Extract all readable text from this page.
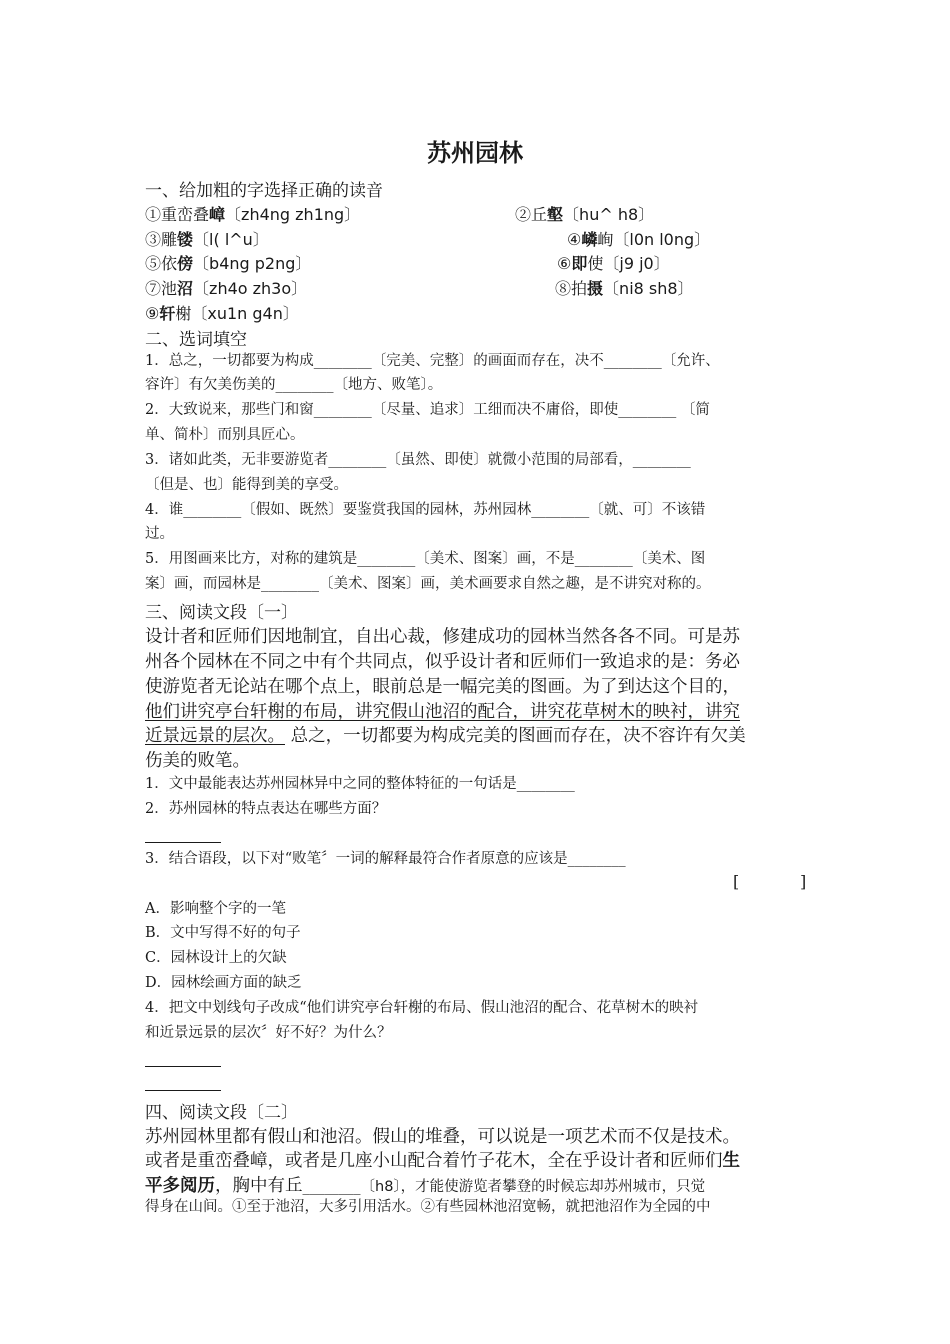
苏州园林
一、给加粗的字选择正确的读音
①重峦叠嶂〔zh4ng zh1ng〕	②丘壑〔hu^ h8〕
③雕镂〔l( l^u〕	④嶙峋〔l0n l0ng〕
⑤依傍〔b4ng p2ng〕	⑥即使〔j9 j0〕
⑦池沼〔zh4o zh3o〕	⑧拍摄〔ni8 sh8〕
⑨轩榭〔xu1n g4n〕
二、选词填空
1．总之，一切都要为构成________〔完美、完整〕的画面而存在，决不________〔允许、
容许〕有欠美伤美的________〔地方、败笔〕。
2．大致说来，那些门和窗________〔尽量、追求〕工细而决不庸俗，即使________ 〔简
单、简朴〕而别具匠心。
3．诸如此类，无非要游览者________〔虽然、即使〕就微小范围的局部看，________
〔但是、也〕能得到美的享受。
4．谁________〔假如、既然〕要鉴赏我国的园林，苏州园林________〔就、可〕不该错
过。
5．用图画来比方，对称的建筑是________〔美术、图案〕画，不是________〔美术、图
案〕画，而园林是________〔美术、图案〕画，美术画要求自然之趣，是不讲究对称的。
三、阅读文段〔一〕
设计者和匠师们因地制宜，自出心裁，修建成功的园林当然各各不同。可是苏
州各个园林在不同之中有个共同点，似乎设计者和匠师们一致追求的是：务必
使游览者无论站在哪个点上，眼前总是一幅完美的图画。为了到达这个目的，
他们讲究亭台轩榭的布局，讲究假山池沼的配合，讲究花草树木的映衬，讲究
近景远景的层次。 总之，一切都要为构成完美的图画而存在，决不容许有欠美
伤美的败笔。
1．文中最能表达苏州园林异中之同的整体特征的一句话是________
2．苏州园林的特点表达在哪些方面？
3．结合语段，以下对“败笔〞一词的解释最符合作者原意的应该是________
[	]
A．影响整个字的一笔
B．文中写得不好的句子
C．园林设计上的欠缺
D．园林绘画方面的缺乏
4．把文中划线句子改成“他们讲究亭台轩榭的布局、假山池沼的配合、花草树木的映衬
和近景远景的层次〞好不好？为什么？
四、阅读文段〔二〕
苏州园林里都有假山和池沼。假山的堆叠，可以说是一项艺术而不仅是技术。
或者是重峦叠嶂，或者是几座小山配合着竹子花木，全在乎设计者和匠师们生
平多阅历，胸中有丘________〔h8〕，才能使游览者攀登的时候忘却苏州城市，只觉
得身在山间。①至于池沼，大多引用活水。②有些园林池沼宽畅，就把池沼作为全园的中
